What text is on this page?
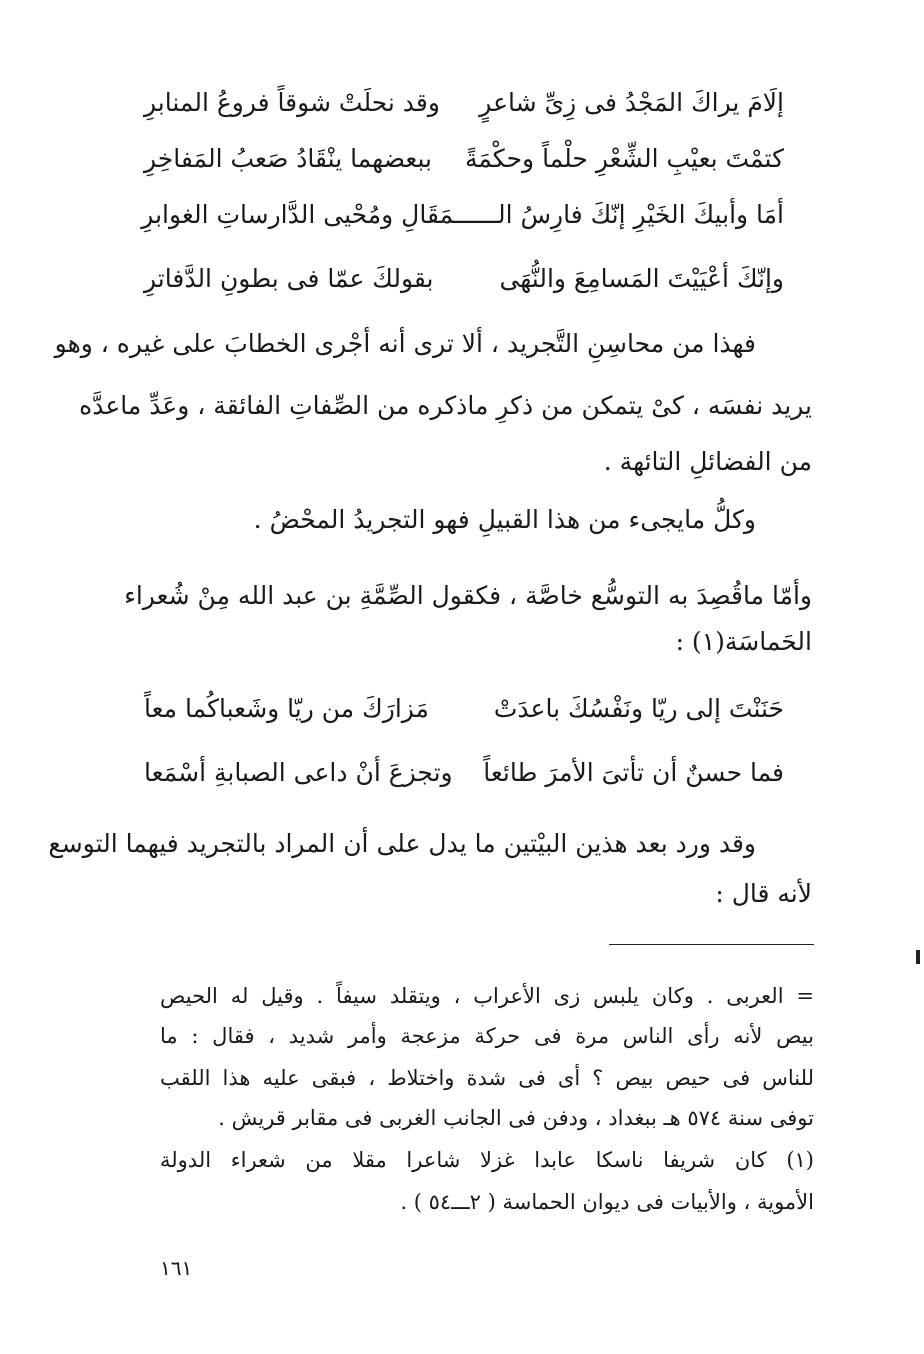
إلَامَ يراكَ المَجْدُ فى زِىِّ شاعرٍ
وقد نحلَتْ شوقاً فروعُ المنابرِ
كتمْتَ بعيْبِ الشِّعْرِ حلْماً وحكْمَةً
ببعضهما ينْقَادُ صَعبُ المَفاخِرِ
أمَا وأبيكَ الخَيْرِ إنّكَ فارِسُ الـــ
ـــمَقَالِ ومُحْيى الدَّارساتِ الغوابرِ
وإنّكَ أعْيَيْتَ المَسامِعَ والنُّهَى
بقولكَ عمّا فى بطونِ الدَّفاترِ
فهذا من محاسِنِ التَّجريد ، ألا ترى أنه أجْرى الخطابَ على غيره ، وهو
يريد نفسَه ، كىْ يتمكن من ذكرِ ماذكره من الصِّفاتِ الفائقة ، وعَدِّ ماعدَّه
من الفضائلِ التائهة .
وكلُّ مايجىء من هذا القبيلِ فهو التجريدُ المحْضُ .
وأمّا ماقُصِدَ به التوسُّع خاصَّة ، فكقول الصِّمَّةِ بن عبد الله مِنْ شُعراء
الحَماسَة(١) :
حَنَنْتَ إلى ريّا ونَفْسُكَ باعدَتْ
مَزارَكَ من ريّا وشَعباكُما معاً
فما حسنٌ أن تأتىَ الأمرَ طائعاً
وتجزعَ أنْ داعى الصبابةِ أسْمَعا
وقد ورد بعد هذين البيْتين ما يدل على أن المراد بالتجريد فيهما التوسع
لأنه قال :
= العربى . وكان يلبس زى الأعراب ، ويتقلد سيفاً . وقيل له الحيص
بيص لأنه رأى الناس مرة فى حركة مزعجة وأمر شديد ، فقال : ما
للناس فى حيص بيص ؟ أى فى شدة واختلاط ، فبقى عليه هذا اللقب
توفى سنة ٥٧٤ هـ ببغداد ، ودفن فى الجانب الغربى فى مقابر قريش .
(١) كان شريفا ناسكا عابدا غزلا شاعرا مقلا من شعراء الدولة
الأموية ، والأبيات فى ديوان الحماسة ( ٢ـــ٥٤ ) .
١٦١
